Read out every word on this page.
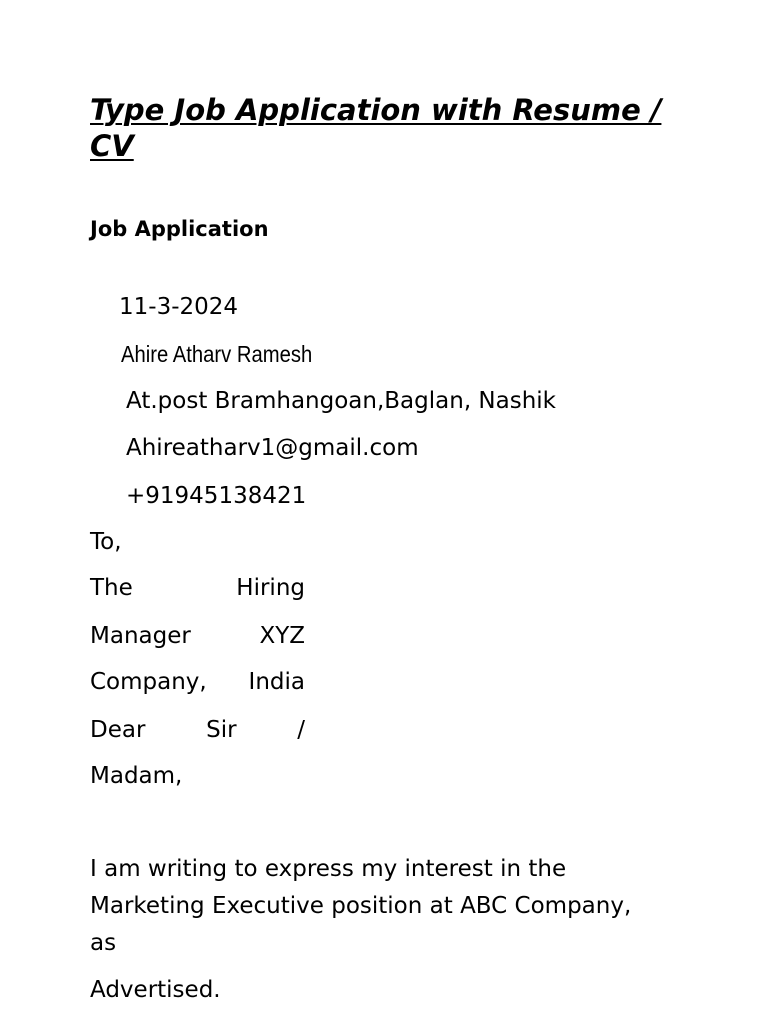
Type Job Application with Resume / CV
Job Application

11-3-2024

Ahire Atharv Ramesh

At.post Bramhangoan,Baglan, Nashik

Ahireatharv1@gmail.com

+91945138421

To,

The	Hiring

Manager	XYZ

Company, India

Dear	Sir	/

Madam,

I am writing to express my interest in the Marketing Executive position at ABC Company, as

Advertised.
